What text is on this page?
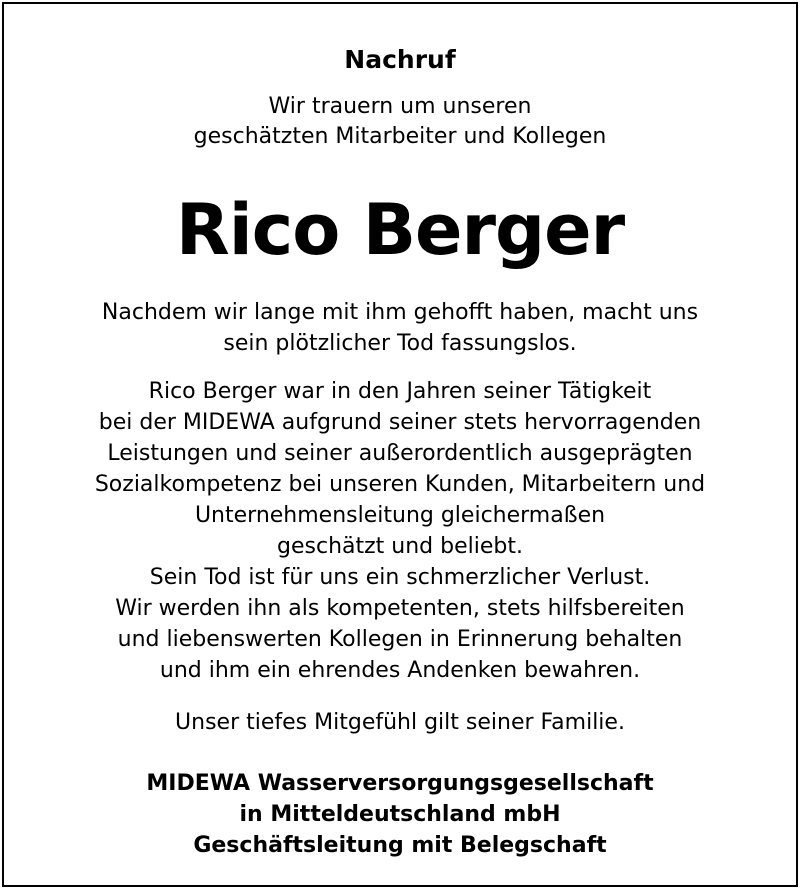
Nachruf
Wir trauern um unseren
geschätzten Mitarbeiter und Kollegen
Rico Berger
Nachdem wir lange mit ihm gehofft haben, macht uns
sein plötzlicher Tod fassungslos.
Rico Berger war in den Jahren seiner Tätigkeit
bei der MIDEWA aufgrund seiner stets hervorragenden
Leistungen und seiner außerordentlich ausgeprägten
Sozialkompetenz bei unseren Kunden, Mitarbeitern und
Unternehmensleitung gleichermaßen
geschätzt und beliebt.
Sein Tod ist für uns ein schmerzlicher Verlust.
Wir werden ihn als kompetenten, stets hilfsbereiten
und liebenswerten Kollegen in Erinnerung behalten
und ihm ein ehrendes Andenken bewahren.
Unser tiefes Mitgefühl gilt seiner Familie.
MIDEWA Wasserversorgungsgesellschaft
in Mitteldeutschland mbH
Geschäftsleitung mit Belegschaft
